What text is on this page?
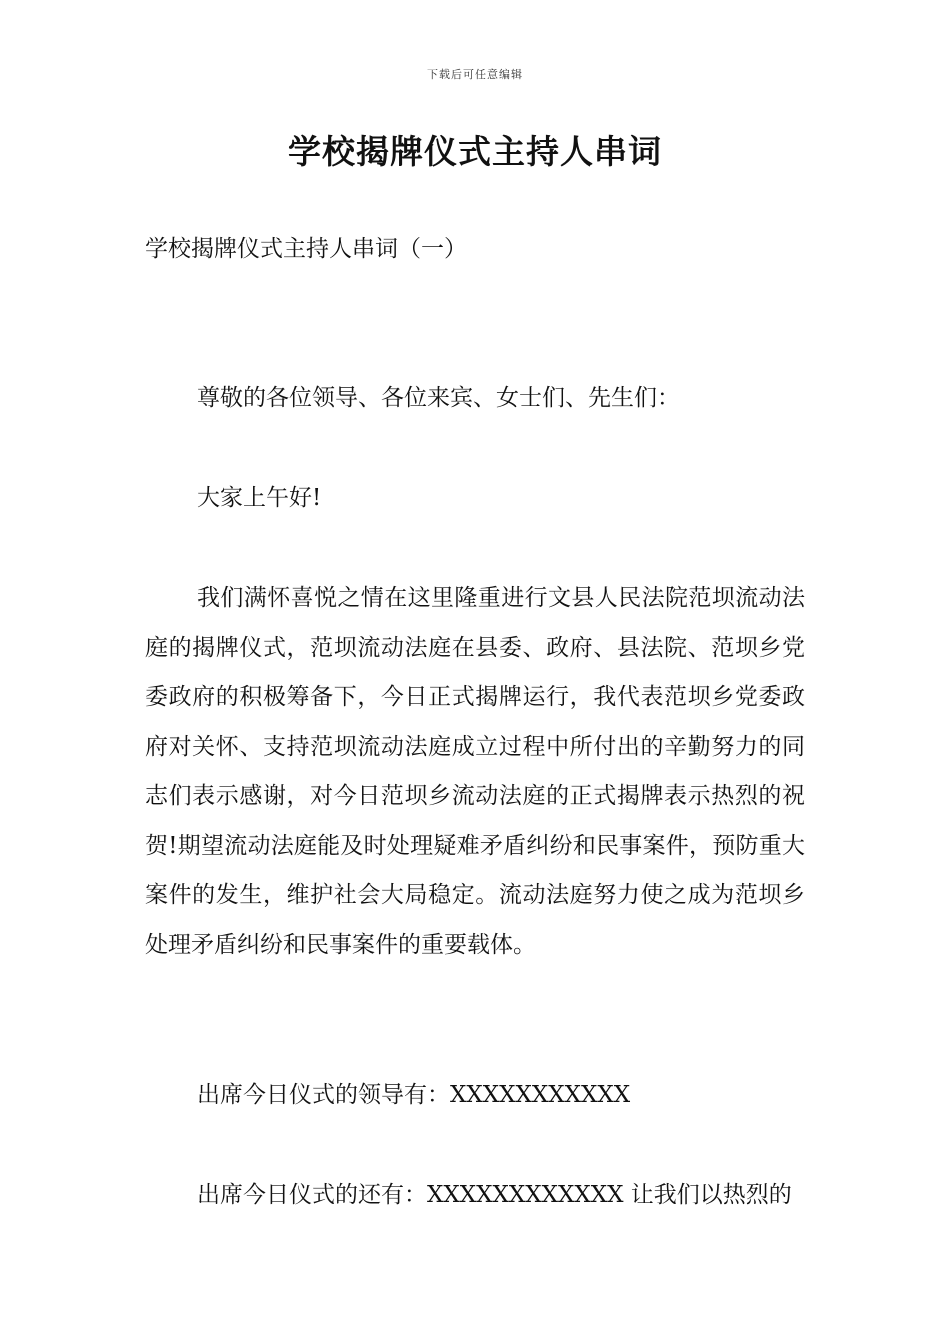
下载后可任意编辑
学校揭牌仪式主持人串词

学校揭牌仪式主持人串词（一）

尊敬的各位领导、各位来宾、女士们、先生们：

大家上午好!

我们满怀喜悦之情在这里隆重进行文县人民法院范坝流动法庭的揭牌仪式，范坝流动法庭在县委、政府、县法院、范坝乡党委政府的积极筹备下，今日正式揭牌运行，我代表范坝乡党委政府对关怀、支持范坝流动法庭成立过程中所付出的辛勤努力的同志们表示感谢，对今日范坝乡流动法庭的正式揭牌表示热烈的祝贺!期望流动法庭能及时处理疑难矛盾纠纷和民事案件，预防重大案件的发生，维护社会大局稳定。流动法庭努力使之成为范坝乡处理矛盾纠纷和民事案件的重要载体。

出席今日仪式的领导有：XXXXXXXXXXX

出席今日仪式的还有：XXXXXXXXXXXX 让我们以热烈的
